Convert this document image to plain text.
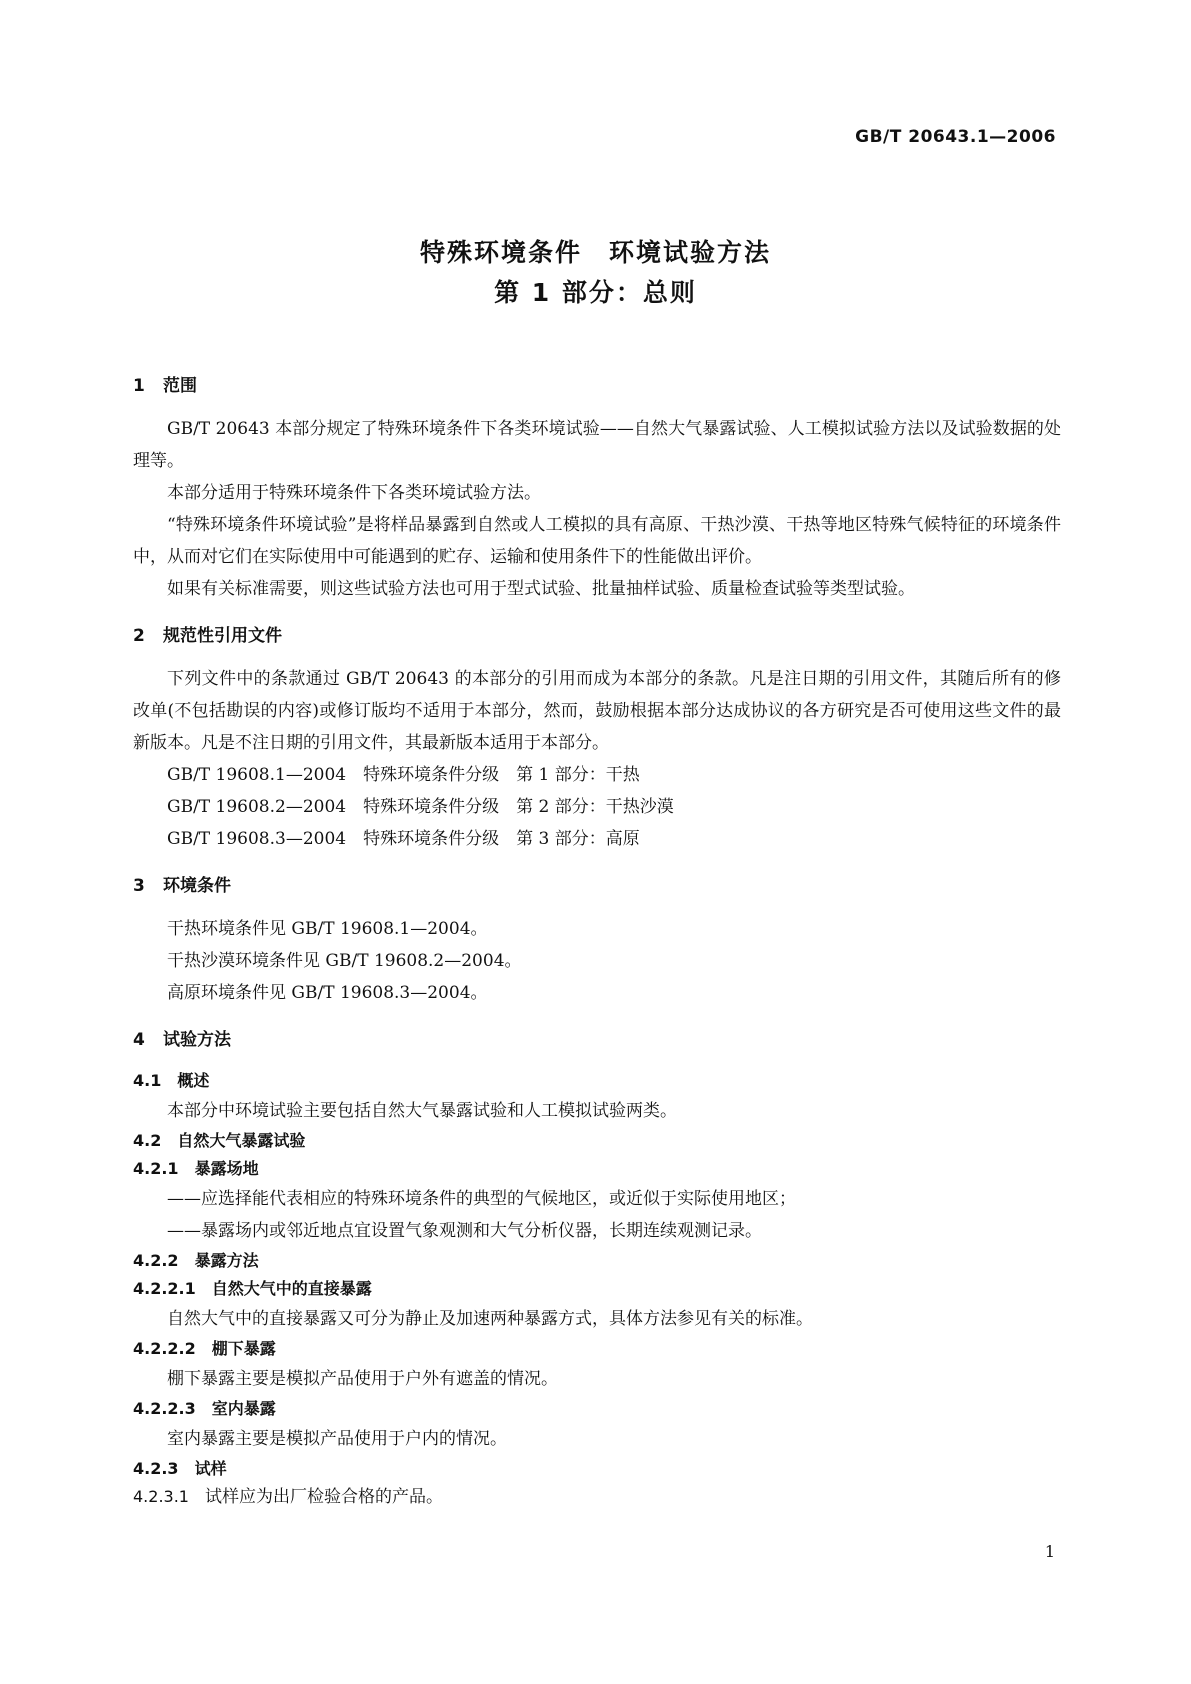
GB/T 20643.1—2006
特殊环境条件　环境试验方法
第 1 部分：总则
1 范围

GB/T 20643 本部分规定了特殊环境条件下各类环境试验——自然大气暴露试验、人工模拟试验方法以及试验数据的处理等。

本部分适用于特殊环境条件下各类环境试验方法。

“特殊环境条件环境试验”是将样品暴露到自然或人工模拟的具有高原、干热沙漠、干热等地区特殊气候特征的环境条件中，从而对它们在实际使用中可能遇到的贮存、运输和使用条件下的性能做出评价。

如果有关标准需要，则这些试验方法也可用于型式试验、批量抽样试验、质量检查试验等类型试验。

2 规范性引用文件

下列文件中的条款通过 GB/T 20643 的本部分的引用而成为本部分的条款。凡是注日期的引用文件，其随后所有的修改单(不包括勘误的内容)或修订版均不适用于本部分，然而，鼓励根据本部分达成协议的各方研究是否可使用这些文件的最新版本。凡是不注日期的引用文件，其最新版本适用于本部分。

GB/T 19608.1—2004　特殊环境条件分级　第 1 部分：干热
GB/T 19608.2—2004　特殊环境条件分级　第 2 部分：干热沙漠
GB/T 19608.3—2004　特殊环境条件分级　第 3 部分：高原
3 环境条件
干热环境条件见 GB/T 19608.1—2004。
干热沙漠环境条件见 GB/T 19608.2—2004。
高原环境条件见 GB/T 19608.3—2004。
4 试验方法
4.1 概述
本部分中环境试验主要包括自然大气暴露试验和人工模拟试验两类。
4.2 自然大气暴露试验
4.2.1 暴露场地
——应选择能代表相应的特殊环境条件的典型的气候地区，或近似于实际使用地区；
——暴露场内或邻近地点宜设置气象观测和大气分析仪器，长期连续观测记录。
4.2.2 暴露方法
4.2.2.1 自然大气中的直接暴露
自然大气中的直接暴露又可分为静止及加速两种暴露方式，具体方法参见有关的标准。
4.2.2.2 棚下暴露
棚下暴露主要是模拟产品使用于户外有遮盖的情况。
4.2.2.3 室内暴露
室内暴露主要是模拟产品使用于户内的情况。
4.2.3 试样
4.2.3.1 试样应为出厂检验合格的产品。
1
